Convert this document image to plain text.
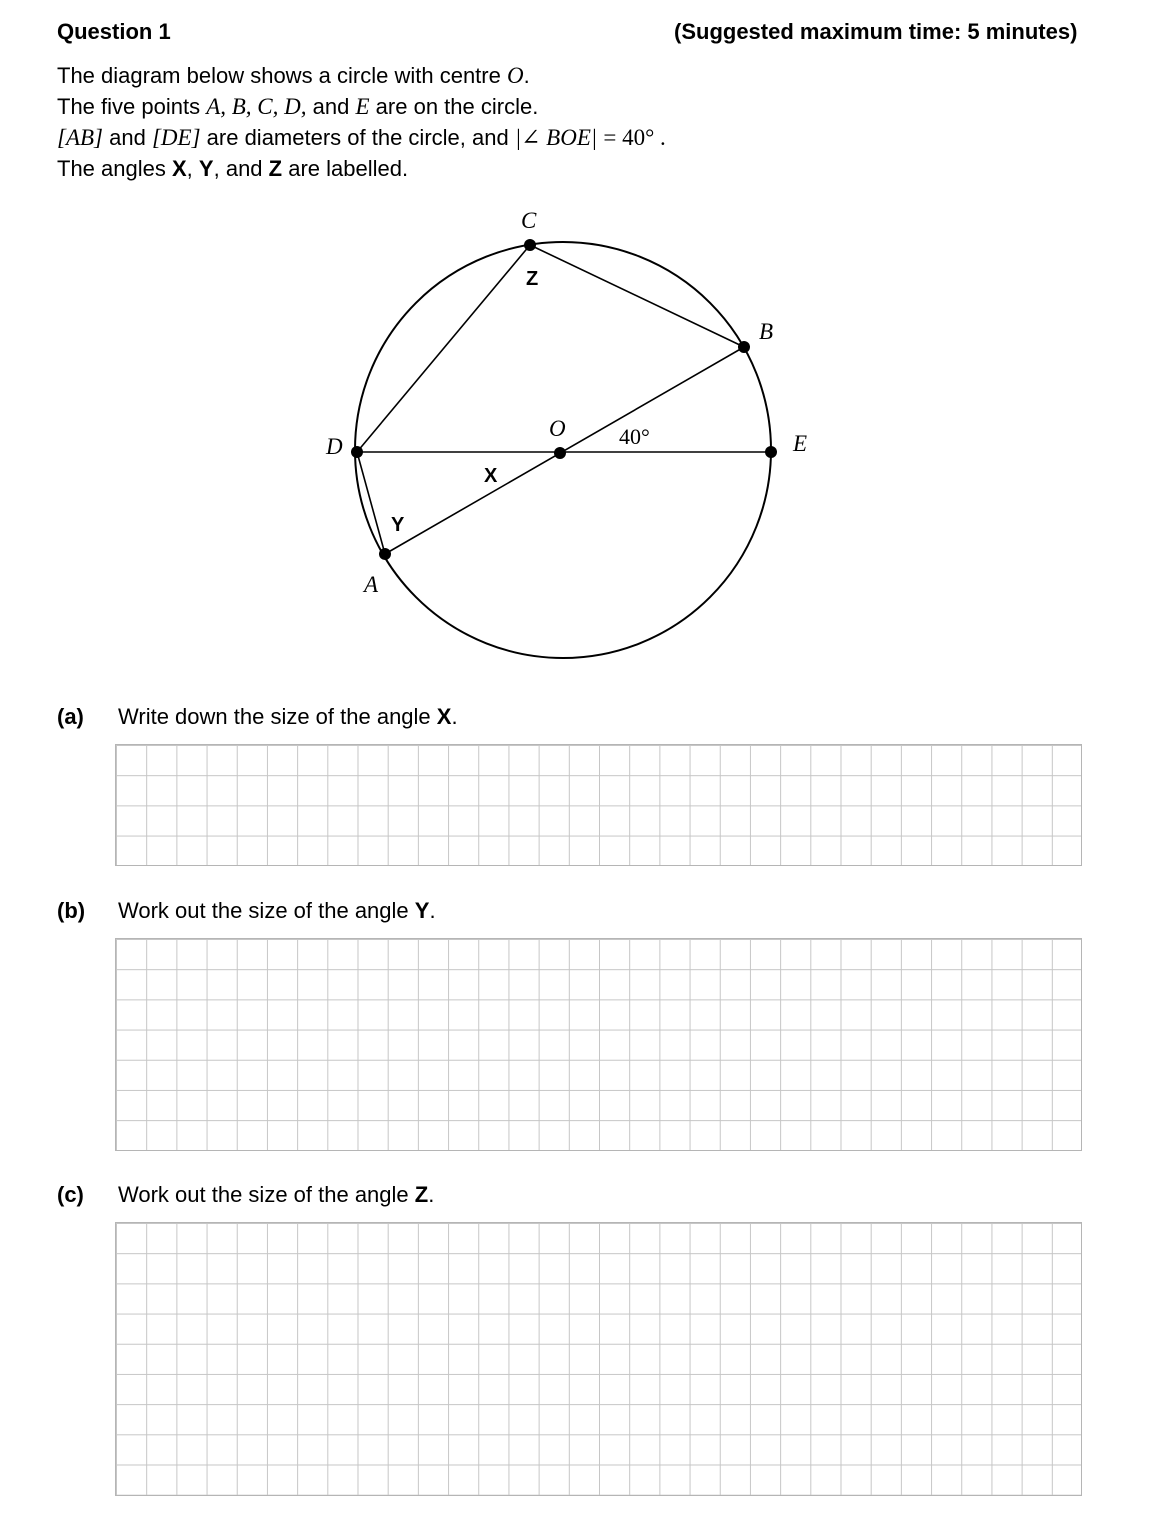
Question 1	(Suggested maximum time: 5 minutes)
The diagram below shows a circle with centre O.
The five points A, B, C, D, and E are on the circle.
[AB] and [DE] are diameters of the circle, and |∠ BOE| = 40° .
The angles X, Y, and Z are labelled.
C
B
D	E
O
A
Z
X
Y
40°
(a) Write down the size of the angle X.
(b) Work out the size of the angle Y.
(c) Work out the size of the angle Z.
